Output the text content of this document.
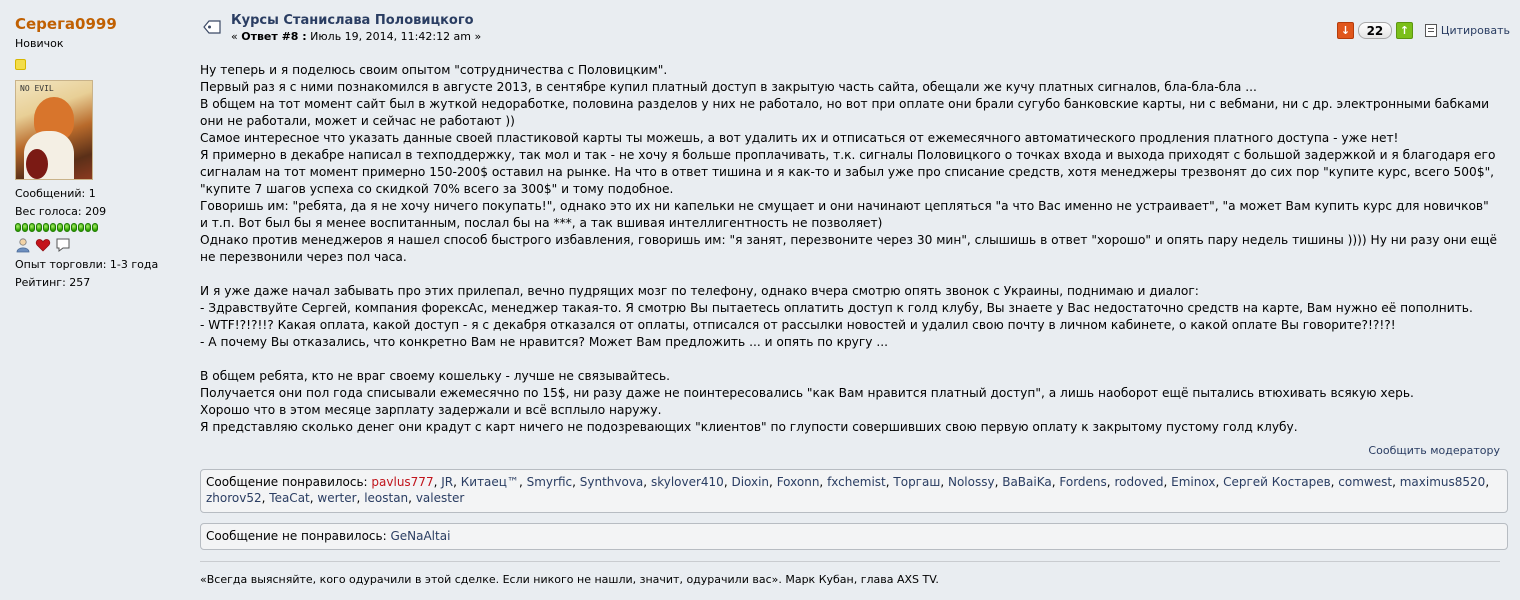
Серега0999
Новичок
NO EVIL
Сообщений: 1
Вес голоса: 209
Опыт торговли: 1-3 года
Рейтинг: 257
Курсы Станислава Половицкого
« Ответ #8 : Июль 19, 2014, 11:42:12 am »	↓	22	↑	Цитировать

Ну теперь и я поделюсь своим опытом "сотрудничества с Половицким".

Первый раз я с ними познакомился в августе 2013, в сентябре купил платный доступ в закрытую часть сайта, обещали же кучу платных сигналов, бла-бла-бла ...

В общем на тот момент сайт был в жуткой недоработке, половина разделов у них не работало, но вот при оплате они брали сугубо банковские карты, ни с вебмани, ни с др. электронными бабками они не работали, может и сейчас не работают ))

Самое интересное что указать данные своей пластиковой карты ты можешь, а вот удалить их и отписаться от ежемесячного автоматического продления платного доступа - уже нет!

Я примерно в декабре написал в техподдержку, так мол и так - не хочу я больше проплачивать, т.к. сигналы Половицкого о точках входа и выхода приходят с большой задержкой и я благодаря его сигналам на тот момент примерно 150-200$ оставил на рынке. На что в ответ тишина и я как-то и забыл уже про списание средств, хотя менеджеры трезвонят до сих пор "купите курс, всего 500$", "купите 7 шагов успеха со скидкой 70% всего за 300$" и тому подобное.

Говоришь им: "ребята, да я не хочу ничего покупать!", однако это их ни капельки не смущает и они начинают цепляться "а что Вас именно не устраивает", "а может Вам купить курс для новичков" и т.п. Вот был бы я менее воспитанным, послал бы на ***, а так вшивая интеллигентность не позволяет)

Однако против менеджеров я нашел способ быстрого избавления, говоришь им: "я занят, перезвоните через 30 мин", слышишь в ответ "хорошо" и опять пару недель тишины )))) Ну ни разу они ещё не перезвонили через пол часа.

И я уже даже начал забывать про этих прилепал, вечно пудрящих мозг по телефону, однако вчера смотрю опять звонок с Украины, поднимаю и диалог:

- Здравствуйте Сергей, компания форексАс, менеджер такая-то. Я смотрю Вы пытаетесь оплатить доступ к голд клубу, Вы знаете у Вас недостаточно средств на карте, Вам нужно её пополнить.

- WTF!?!?!!? Какая оплата, какой доступ - я с декабря отказался от оплаты, отписался от рассылки новостей и удалил свою почту в личном кабинете, о какой оплате Вы говорите?!?!?!

- А почему Вы отказались, что конкретно Вам не нравится? Может Вам предложить ... и опять по кругу ...

В общем ребята, кто не враг своему кошельку - лучше не связывайтесь.

Получается они пол года списывали ежемесячно по 15$, ни разу даже не поинтересовались "как Вам нравится платный доступ", а лишь наоборот ещё пытались втюхивать всякую херь.

Хорошо что в этом месяце зарплату задержали и всё всплыло наружу.

Я представляю сколько денег они крадут с карт ничего не подозревающих "клиентов" по глупости совершивших свою первую оплату к закрытому пустому голд клубу.

Сообщить модератору
Сообщение понравилось: pavlus777, JR, Китаец™, Smyrfic, Synthvova, skylover410, Dioxin, Foxonn, fxchemist, Торгаш, Nolossy, BaBaiKa, Fordens, rodoved, Eminox, Сергей Костарев, comwest, maximus8520, zhorov52, TeaCat, werter, leostan, valester
Сообщение не понравилось: GeNaAltai
«Всегда выясняйте, кого одурачили в этой сделке. Если никого не нашли, значит, одурачили вас». Марк Кубан, глава AXS TV.
